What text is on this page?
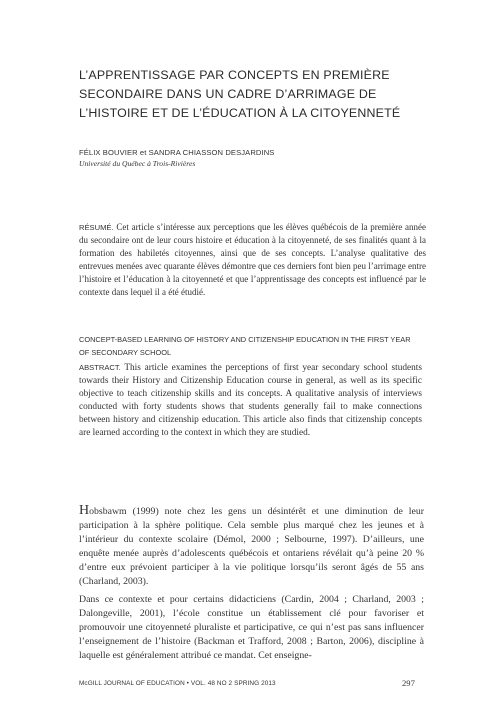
L’APPRENTISSAGE PAR CONCEPTS EN PREMIÈRE SECONDAIRE DANS UN CADRE D’ARRIMAGE DE L’HISTOIRE ET DE L’ÉDUCATION À LA CITOYENNETÉ
FÉLIX BOUVIER et SANDRA CHIASSON DESJARDINS
Université du Québec à Trois-Rivières

RÉSUMÉ. Cet article s’intéresse aux perceptions que les élèves québécois de la première année du secondaire ont de leur cours histoire et éducation à la citoyenneté, de ses finalités quant à la formation des habiletés citoyennes, ainsi que de ses concepts. L’analyse qualitative des entrevues menées avec quarante élèves démontre que ces derniers font bien peu l’arrimage entre l’histoire et l’éducation à la citoyenneté et que l’apprentissage des concepts est influencé par le contexte dans lequel il a été étudié.

CONCEPT-BASED LEARNING OF HISTORY AND CITIZENSHIP EDUCATION IN THE FIRST YEAR OF SECONDARY SCHOOL

ABSTRACT. This article examines the perceptions of first year secondary school students towards their History and Citizenship Education course in general, as well as its specific objective to teach citizenship skills and its concepts. A qualitative analysis of interviews conducted with forty students shows that students generally fail to make connections between history and citizenship education. This article also finds that citizenship concepts are learned according to the context in which they are studied.

Hobsbawm (1999) note chez les gens un désintérêt et une diminution de leur participation à la sphère politique. Cela semble plus marqué chez les jeunes et à l’intérieur du contexte scolaire (Démol, 2000 ; Selbourne, 1997). D’ailleurs, une enquête menée auprès d’adolescents québécois et ontariens révélait qu’à peine 20 % d’entre eux prévoient participer à la vie politique lorsqu’ils seront âgés de 55 ans (Charland, 2003).

Dans ce contexte et pour certains didacticiens (Cardin, 2004 ; Charland, 2003 ; Dalongeville, 2001), l’école constitue un établissement clé pour favoriser et promouvoir une citoyenneté pluraliste et participative, ce qui n’est pas sans influencer l’enseignement de l’histoire (Backman et Trafford, 2008 ; Barton, 2006), discipline à laquelle est généralement attribué ce mandat. Cet enseigne-

McGILL JOURNAL OF EDUCATION • VOL. 48 NO 2 SPRING 2013	297
